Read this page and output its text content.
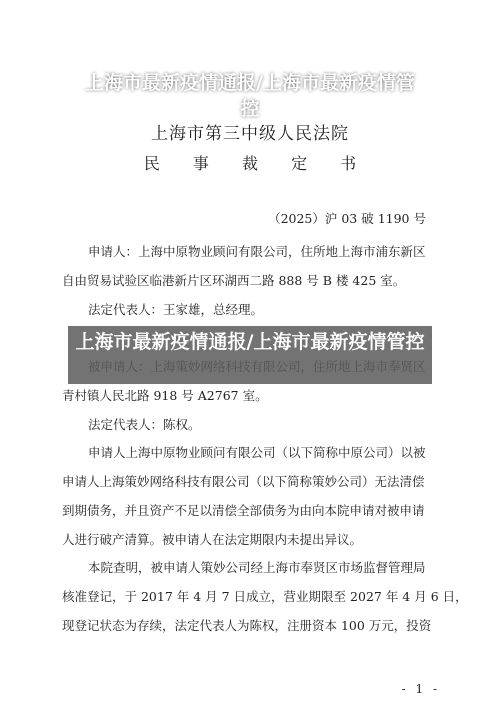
上海市第三中级人民法院
民 事 裁 定 书
（2025）沪 03 破 1190 号
申请人：上海中原物业顾问有限公司，住所地上海市浦东新区
自由贸易试验区临港新片区环湖西二路 888 号 B 楼 425 室。
法定代表人：王家雄，总经理。
青村镇人民北路 918 号 A2767 室。
法定代表人：陈权。
申请人上海中原物业顾问有限公司（以下简称中原公司）以被
申请人上海策妙网络科技有限公司（以下简称策妙公司）无法清偿
到期债务，并且资产不足以清偿全部债务为由向本院申请对被申请
人进行破产清算。被申请人在法定期限内未提出异议。
本院查明，被申请人策妙公司经上海市奉贤区市场监督管理局
核准登记，于 2017 年 4 月 7 日成立，营业期限至 2027 年 4 月 6 日，
现登记状态为存续，法定代表人为陈权，注册资本 100 万元，投资
- 1 -
上海市最新疫情通报/上海市最新疫情管控
上海市最新疫情通报/上海市最新疫情管控
